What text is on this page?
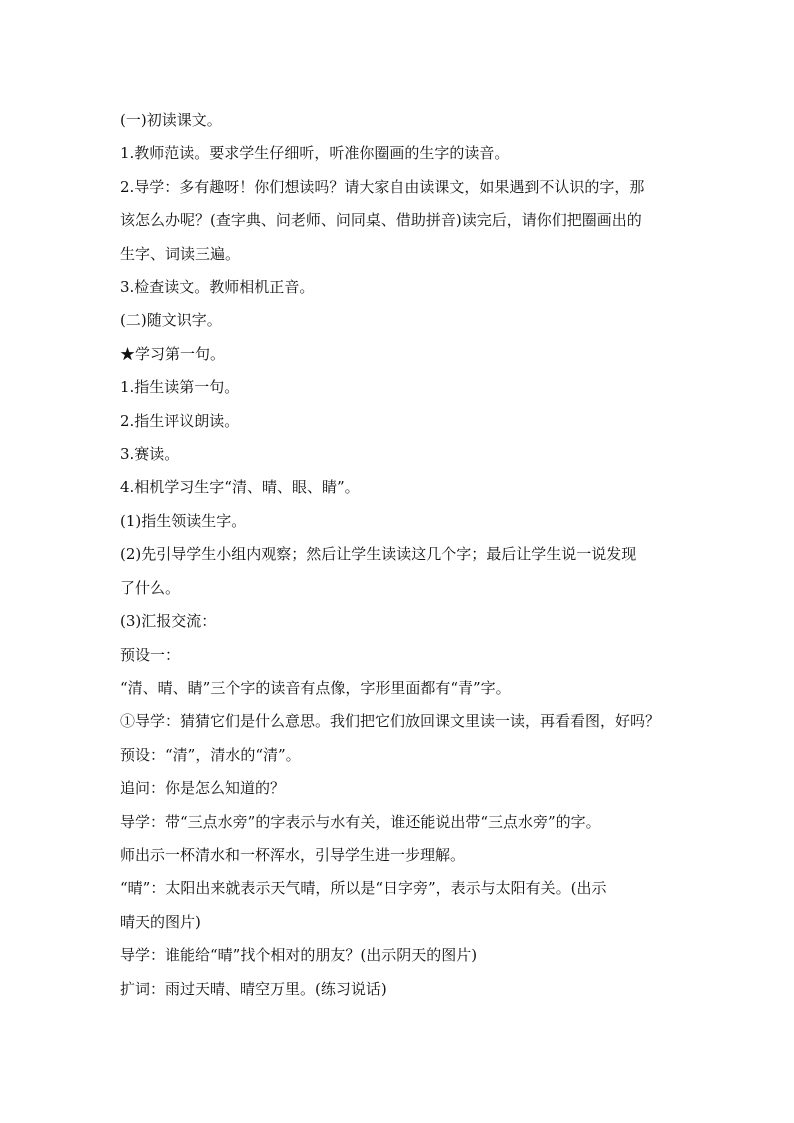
(一)初读课文。
1.教师范读。要求学生仔细听，听准你圈画的生字的读音。
2.导学：多有趣呀！你们想读吗？请大家自由读课文，如果遇到不认识的字，那
该怎么办呢？(查字典、问老师、问同桌、借助拼音)读完后，请你们把圈画出的
生字、词读三遍。
3.检查读文。教师相机正音。
(二)随文识字。
★学习第一句。
1.指生读第一句。
2.指生评议朗读。
3.赛读。
4.相机学习生字“清、晴、眼、睛”。
(1)指生领读生字。
(2)先引导学生小组内观察；然后让学生读读这几个字；最后让学生说一说发现
了什么。
(3)汇报交流：
预设一：
“清、晴、睛”三个字的读音有点像，字形里面都有“青”字。
①导学：猜猜它们是什么意思。我们把它们放回课文里读一读，再看看图，好吗？
预设：“清”，清水的“清”。
追问：你是怎么知道的？
导学：带“三点水旁”的字表示与水有关，谁还能说出带“三点水旁”的字。
师出示一杯清水和一杯浑水，引导学生进一步理解。
“晴”：太阳出来就表示天气晴，所以是“日字旁”，表示与太阳有关。(出示
晴天的图片)
导学：谁能给“晴”找个相对的朋友？(出示阴天的图片)
扩词：雨过天晴、晴空万里。(练习说话)
